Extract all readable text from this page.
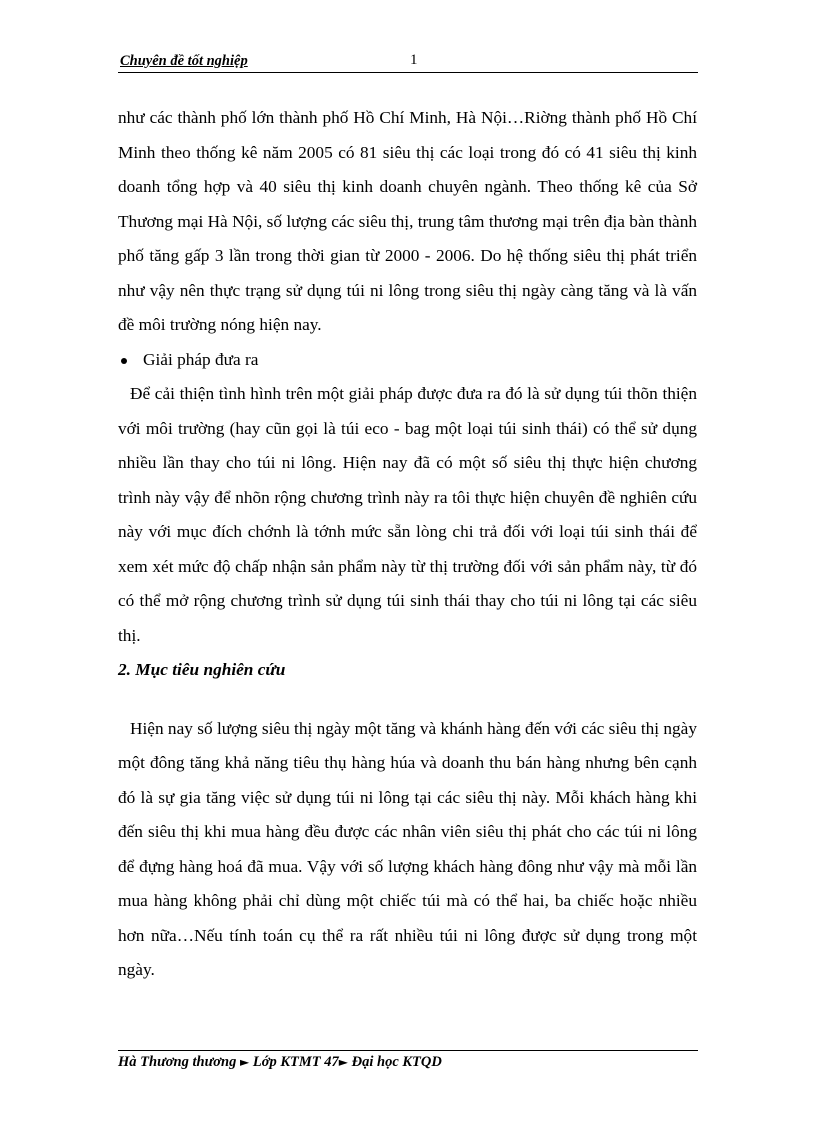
Chuyên đề tốt nghiệp	1

như các thành phố lớn thành phố Hồ Chí Minh, Hà Nội…Riờng thành phố Hồ Chí Minh theo thống kê năm 2005 có 81 siêu thị các loại trong đó có 41 siêu thị kinh doanh tổng hợp và 40 siêu thị kinh doanh chuyên ngành. Theo thống kê của Sở Thương mại Hà Nội, số lượng các siêu thị, trung tâm thương mại trên địa bàn thành phố tăng gấp 3 lần trong thời gian từ 2000 - 2006. Do hệ thống siêu thị phát triển như vậy nên thực trạng sử dụng túi ni lông trong siêu thị ngày càng tăng và là vấn đề môi trường nóng hiện nay.

Giải pháp đưa ra

Để cải thiện tình hình trên một giải pháp được đưa ra đó là sử dụng túi thõn thiện với môi trường (hay cũn gọi là túi eco - bag một loại túi sinh thái) có thể sử dụng nhiều lần thay cho túi ni lông. Hiện nay đã có một số siêu thị thực hiện chương trình này vậy để nhõn rộng chương trình này ra tôi thực hiện chuyên đề nghiên cứu này với mục đích chớnh là tớnh mức sẵn lòng chi trả đối với loại túi sinh thái để xem xét mức độ chấp nhận sản phẩm này từ thị trường đối với sản phẩm này, từ đó có thể mở rộng chương trình sử dụng túi sinh thái thay cho túi ni lông tại các siêu thị.

2. Mục tiêu nghiên cứu

Hiện nay số lượng siêu thị ngày một tăng và khánh hàng đến với các siêu thị ngày một đông tăng khả năng tiêu thụ hàng húa và doanh thu bán hàng nhưng bên cạnh đó là sự gia tăng việc sử dụng túi ni lông tại các siêu thị này. Mỗi khách hàng khi đến siêu thị khi mua hàng đều được các nhân viên siêu thị phát cho các túi ni lông để đựng hàng hoá đã mua. Vậy với số lượng khách hàng đông như vậy mà mỗi lần mua hàng không phải chỉ dùng một chiếc túi mà có thể hai, ba chiếc hoặc nhiều hơn nữa…Nếu tính toán cụ thể ra rất nhiều túi ni lông được sử dụng trong một ngày.

Hà Thương thương ► Lớp KTMT 47► Đại học KTQD
